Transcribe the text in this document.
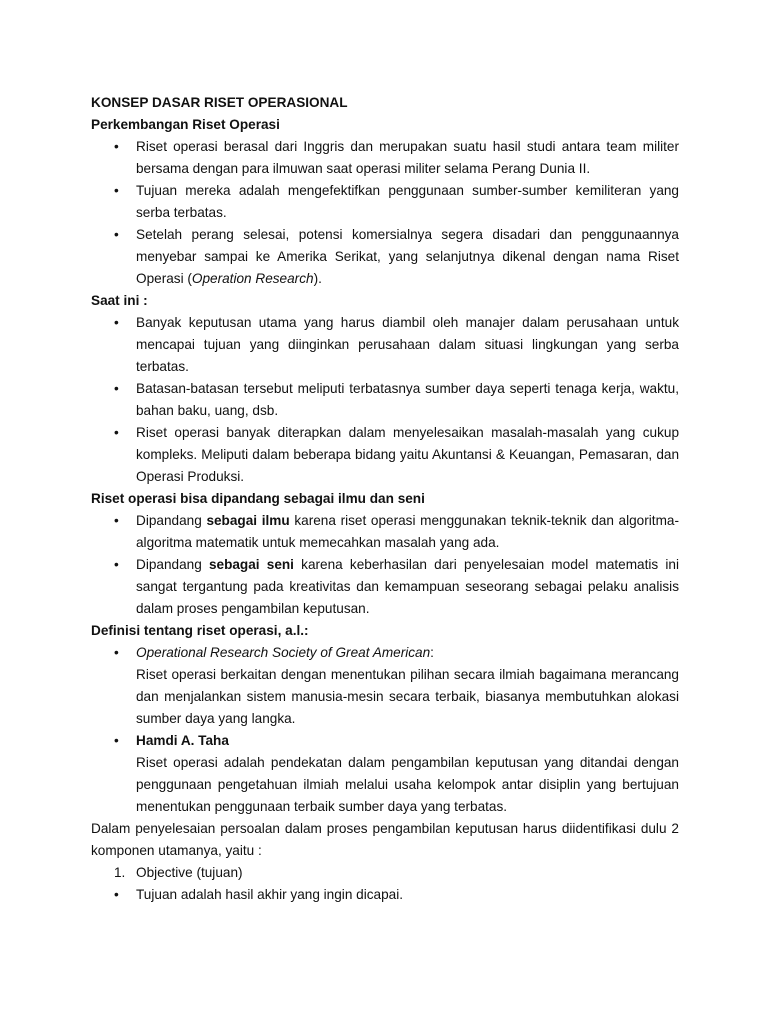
KONSEP DASAR RISET OPERASIONAL
Perkembangan Riset Operasi
• Riset operasi berasal dari Inggris dan merupakan suatu hasil studi antara team militer bersama dengan para ilmuwan saat operasi militer selama Perang Dunia II.
• Tujuan mereka adalah mengefektifkan penggunaan sumber-sumber kemiliteran yang serba terbatas.
• Setelah perang selesai, potensi komersialnya segera disadari dan penggunaannya menyebar sampai ke Amerika Serikat, yang selanjutnya dikenal dengan nama Riset Operasi (Operation Research).
Saat ini :
• Banyak keputusan utama yang harus diambil oleh manajer dalam perusahaan untuk mencapai tujuan yang diinginkan perusahaan dalam situasi lingkungan yang serba terbatas.
• Batasan-batasan tersebut meliputi terbatasnya sumber daya seperti tenaga kerja, waktu, bahan baku, uang, dsb.
• Riset operasi banyak diterapkan dalam menyelesaikan masalah-masalah yang cukup kompleks. Meliputi dalam beberapa bidang yaitu Akuntansi & Keuangan, Pemasaran, dan Operasi Produksi.
Riset operasi bisa dipandang sebagai ilmu dan seni
• Dipandang sebagai ilmu karena riset operasi menggunakan teknik-teknik dan algoritma-algoritma matematik untuk memecahkan masalah yang ada.
• Dipandang sebagai seni karena keberhasilan dari penyelesaian model matematis ini sangat tergantung pada kreativitas dan kemampuan seseorang sebagai pelaku analisis dalam proses pengambilan keputusan.
Definisi tentang riset operasi, a.l.:
• Operational Research Society of Great American:
Riset operasi berkaitan dengan menentukan pilihan secara ilmiah bagaimana merancang dan menjalankan sistem manusia-mesin secara terbaik, biasanya membutuhkan alokasi sumber daya yang langka.
• Hamdi A. Taha
Riset operasi adalah pendekatan dalam pengambilan keputusan yang ditandai dengan penggunaan pengetahuan ilmiah melalui usaha kelompok antar disiplin yang bertujuan menentukan penggunaan terbaik sumber daya yang terbatas.
Dalam penyelesaian persoalan dalam proses pengambilan keputusan harus diidentifikasi dulu 2 komponen utamanya, yaitu :
1. Objective (tujuan)
• Tujuan adalah hasil akhir yang ingin dicapai.
